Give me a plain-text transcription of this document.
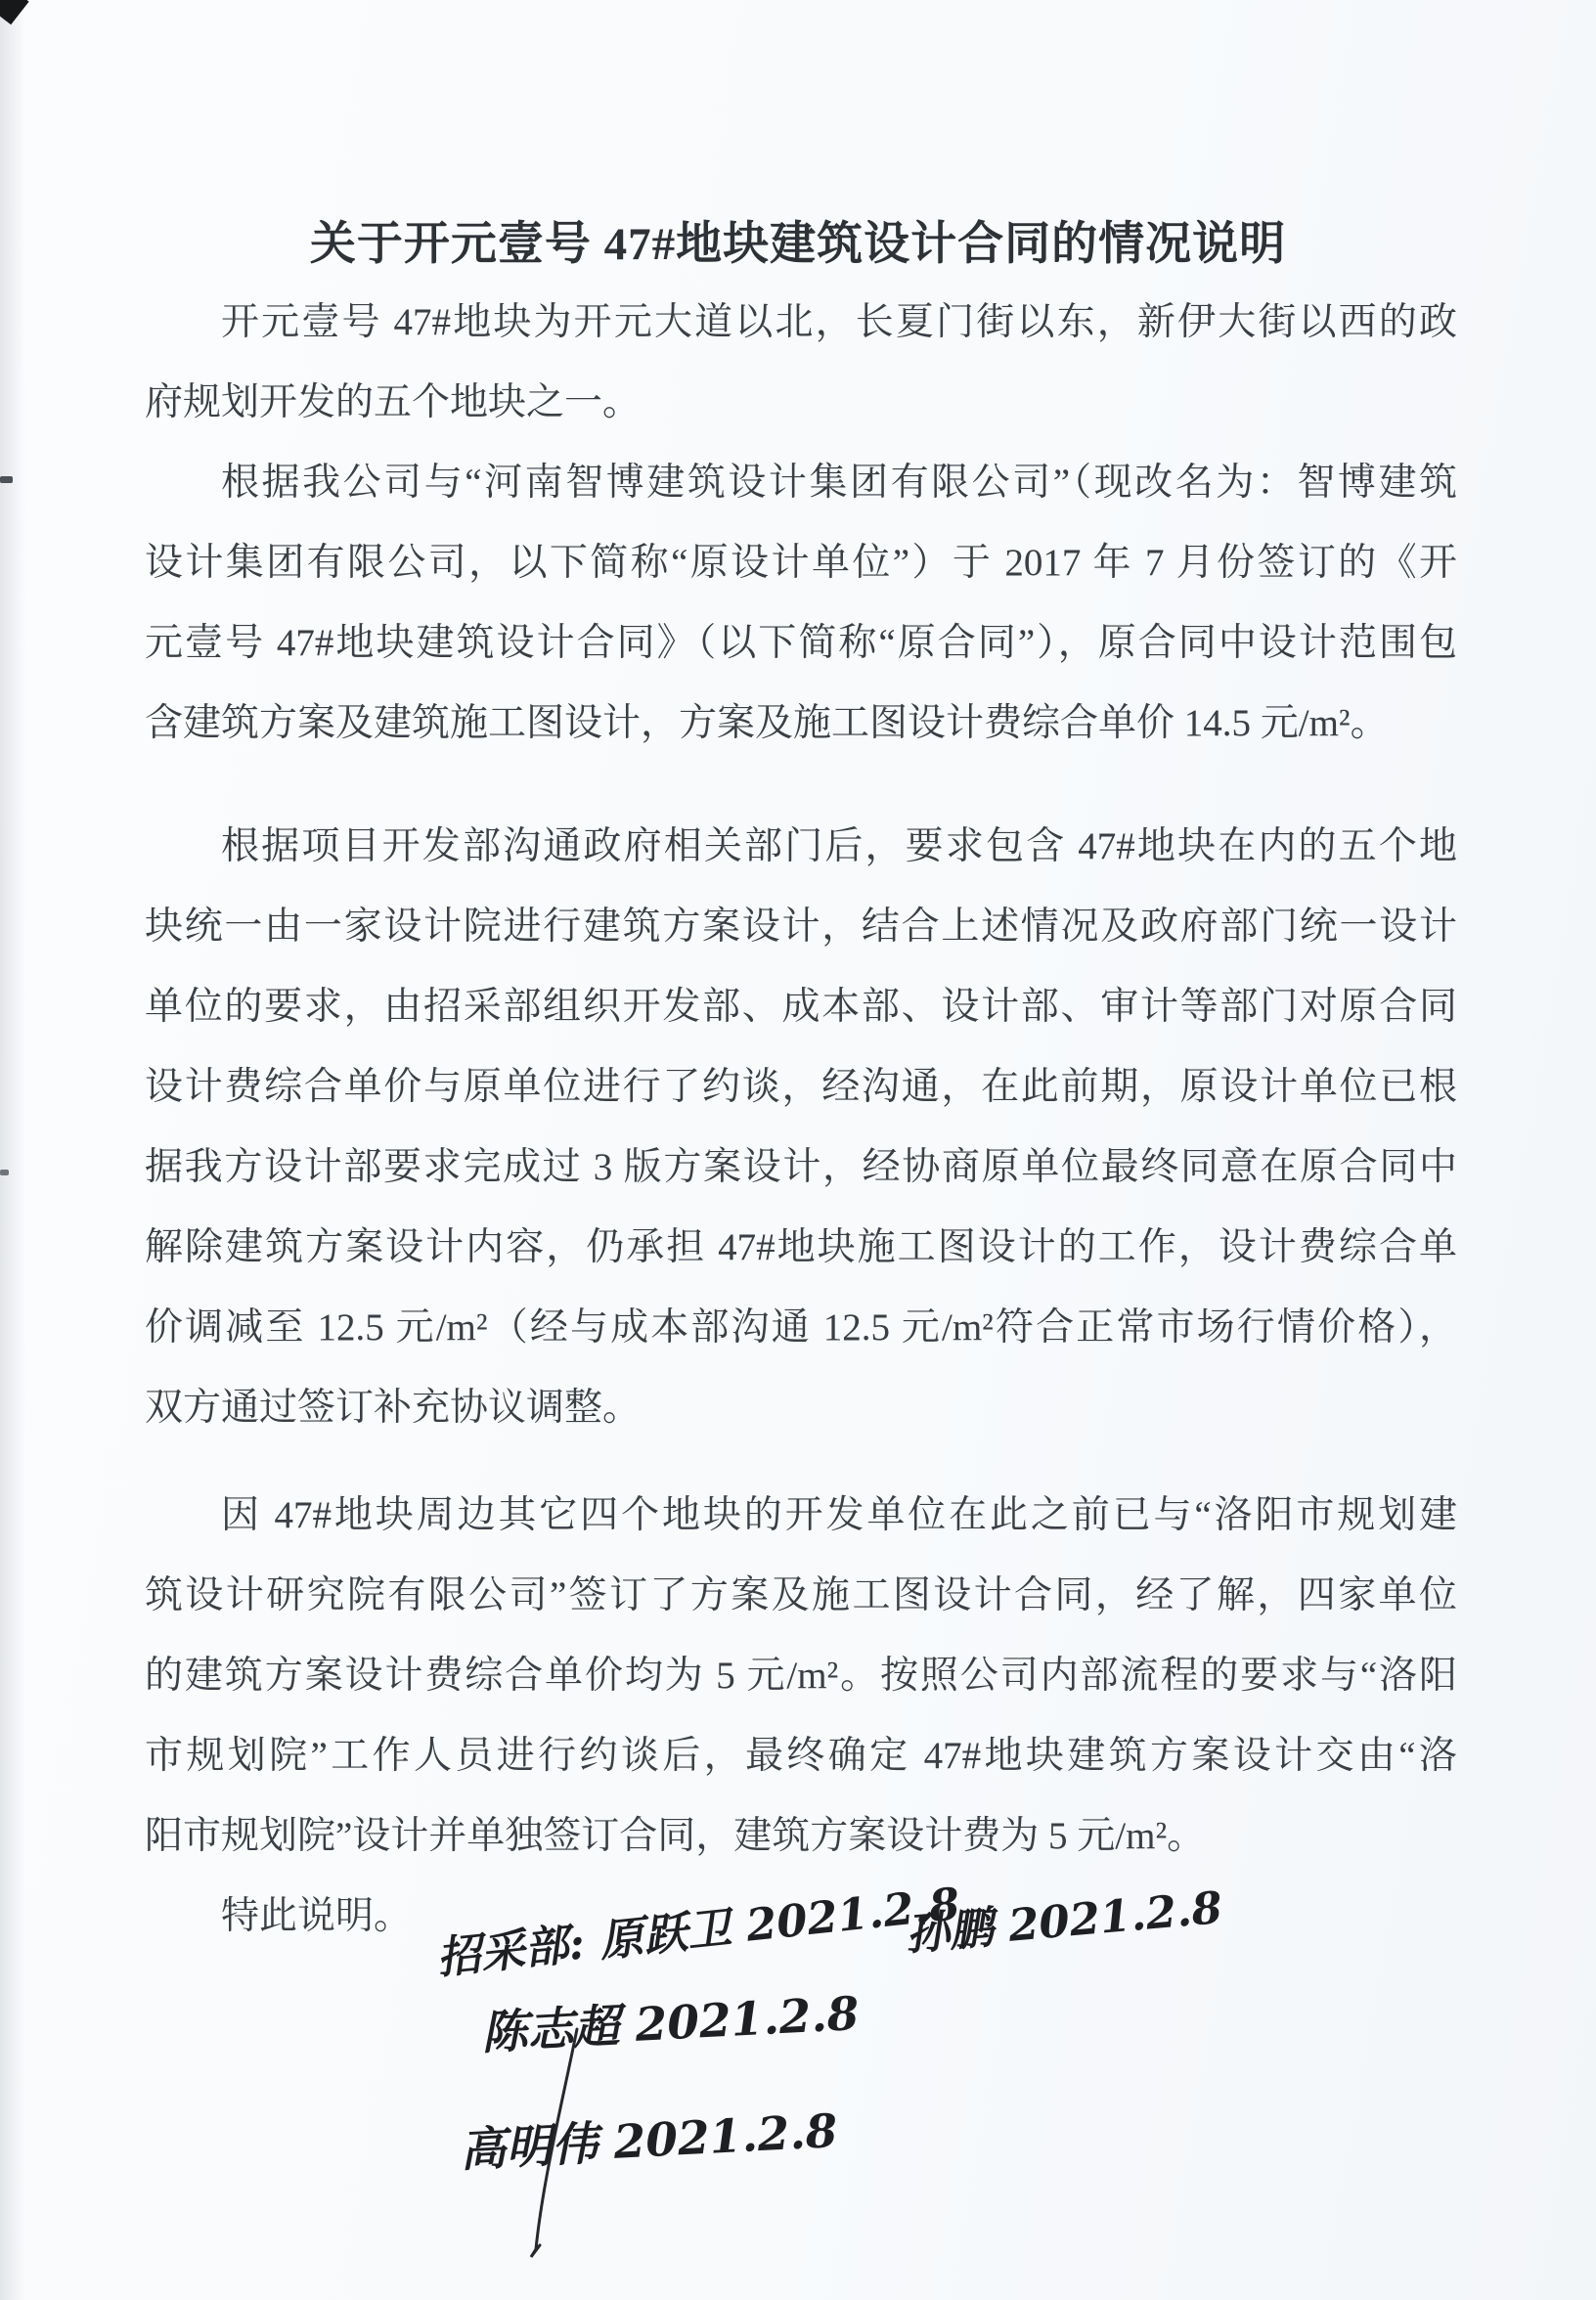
关于开元壹号 47#地块建筑设计合同的情况说明
开元壹号 47#地块为开元大道以北，长夏门街以东，新伊大街以西的政
府规划开发的五个地块之一。
根据我公司与“河南智博建筑设计集团有限公司”（现改名为：智博建筑
设计集团有限公司，以下简称“原设计单位”）于 2017 年 7 月份签订的《开
元壹号 47#地块建筑设计合同》（以下简称“原合同”），原合同中设计范围包
含建筑方案及建筑施工图设计，方案及施工图设计费综合单价 14.5 元/m²。
根据项目开发部沟通政府相关部门后，要求包含 47#地块在内的五个地
块统一由一家设计院进行建筑方案设计，结合上述情况及政府部门统一设计
单位的要求，由招采部组织开发部、成本部、设计部、审计等部门对原合同
设计费综合单价与原单位进行了约谈，经沟通，在此前期，原设计单位已根
据我方设计部要求完成过 3 版方案设计，经协商原单位最终同意在原合同中
解除建筑方案设计内容，仍承担 47#地块施工图设计的工作，设计费综合单
价调减至 12.5 元/m²（经与成本部沟通 12.5 元/m²符合正常市场行情价格），
双方通过签订补充协议调整。
因 47#地块周边其它四个地块的开发单位在此之前已与“洛阳市规划建
筑设计研究院有限公司”签订了方案及施工图设计合同，经了解，四家单位
的建筑方案设计费综合单价均为 5 元/m²。按照公司内部流程的要求与“洛阳
市规划院”工作人员进行约谈后，最终确定 47#地块建筑方案设计交由“洛
阳市规划院”设计并单独签订合同，建筑方案设计费为 5 元/m²。
特此说明。 招采部: 原跃卫 2021.2.8
孙鹏 2021.2.8
陈志超 2021.2.8
高明伟 2021.2.8
